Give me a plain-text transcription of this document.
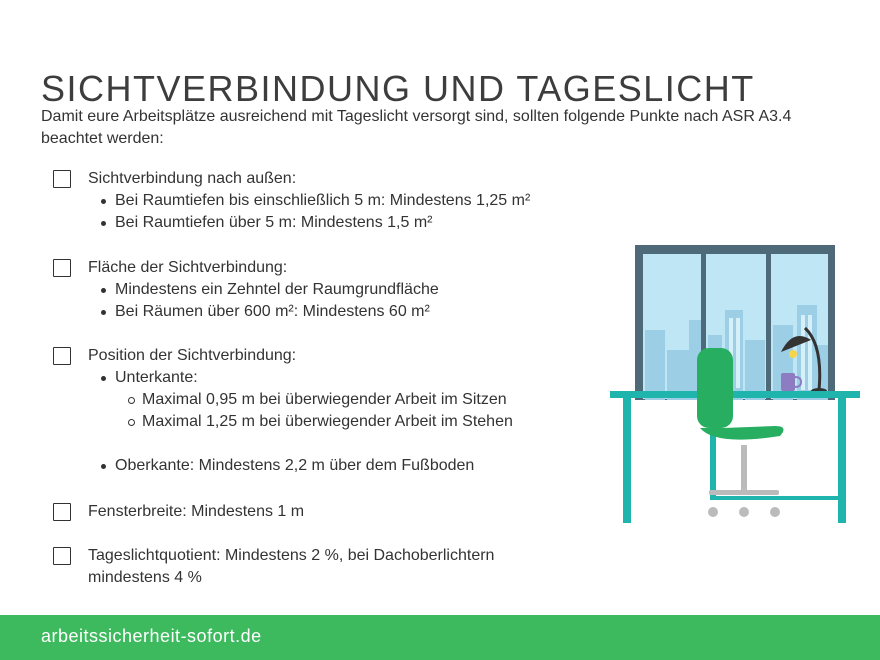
SICHTVERBINDUNG UND TAGESLICHT
Damit eure Arbeitsplätze ausreichend mit Tageslicht versorgt sind, sollten folgende Punkte nach ASR A3.4 beachtet werden:
Sichtverbindung nach außen:
Bei Raumtiefen bis einschließlich 5 m: Mindestens 1,25 m²
Bei Raumtiefen über 5 m: Mindestens 1,5 m²
Fläche der Sichtverbindung:
Mindestens ein Zehntel der Raumgrundfläche
Bei Räumen über 600 m²: Mindestens 60 m²
Position der Sichtverbindung:
Unterkante:
Maximal 0,95 m bei überwiegender Arbeit im Sitzen
Maximal 1,25 m bei überwiegender Arbeit im Stehen
Oberkante: Mindestens 2,2 m über dem Fußboden
Fensterbreite: Mindestens 1 m
Tageslichtquotient: Mindestens 2 %, bei Dachoberlichtern mindestens 4 %
arbeitssicherheit-sofort.de
